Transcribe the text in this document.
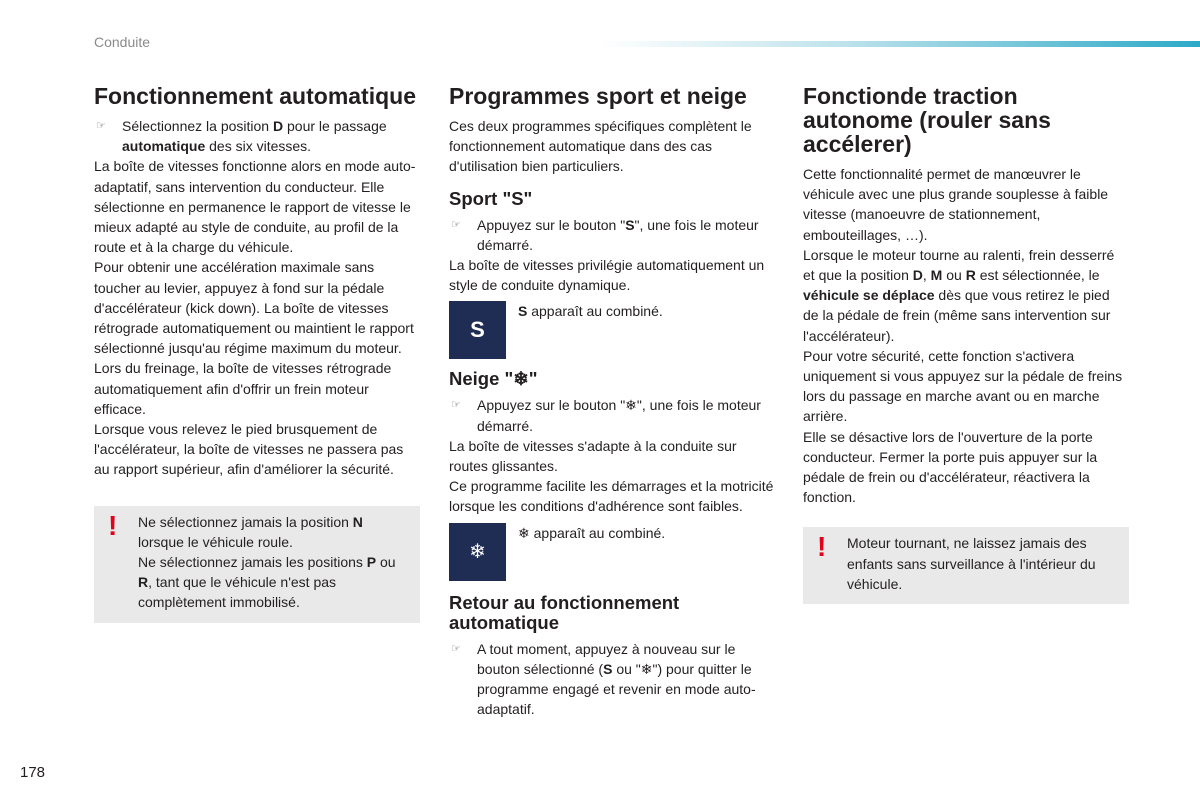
Conduite
Fonctionnement automatique
☞ Sélectionnez la position D pour le passage automatique des six vitesses.

La boîte de vitesses fonctionne alors en mode auto-adaptatif, sans intervention du conducteur. Elle sélectionne en permanence le rapport de vitesse le mieux adapté au style de conduite, au profil de la route et à la charge du véhicule.

Pour obtenir une accélération maximale sans toucher au levier, appuyez à fond sur la pédale d'accélérateur (kick down). La boîte de vitesses rétrograde automatiquement ou maintient le rapport sélectionné jusqu'au régime maximum du moteur.

Lors du freinage, la boîte de vitesses rétrograde automatiquement afin d'offrir un frein moteur efficace.

Lorsque vous relevez le pied brusquement de l'accélérateur, la boîte de vitesses ne passera pas au rapport supérieur, afin d'améliorer la sécurité.

! Ne sélectionnez jamais la position N lorsque le véhicule roule.
Ne sélectionnez jamais les positions P ou R, tant que le véhicule n'est pas complètement immobilisé.
Programmes sport et neige

Ces deux programmes spécifiques complètent le fonctionnement automatique dans des cas d'utilisation bien particuliers.

Sport "S"
☞ Appuyez sur le bouton "S", une fois le moteur démarré.

La boîte de vitesses privilégie automatiquement un style de conduite dynamique.

S
S apparaît au combiné.
Neige "❄"
☞ Appuyez sur le bouton "❄", une fois le moteur démarré.

La boîte de vitesses s'adapte à la conduite sur routes glissantes.

Ce programme facilite les démarrages et la motricité lorsque les conditions d'adhérence sont faibles.

❄
❄ apparaît au combiné.
Retour au fonctionnement automatique
☞ A tout moment, appuyez à nouveau sur le bouton sélectionné (S ou "❄") pour quitter le programme engagé et revenir en mode auto-adaptatif.
Fonctionde traction autonome (rouler sans accélerer)

Cette fonctionnalité permet de manœuvrer le véhicule avec une plus grande souplesse à faible vitesse (manoeuvre de stationnement, embouteillages, …).

Lorsque le moteur tourne au ralenti, frein desserré et que la position D, M ou R est sélectionnée, le véhicule se déplace dès que vous retirez le pied de la pédale de frein (même sans intervention sur l'accélérateur).

Pour votre sécurité, cette fonction s'activera uniquement si vous appuyez sur la pédale de freins lors du passage en marche avant ou en marche arrière.

Elle se désactive lors de l'ouverture de la porte conducteur. Fermer la porte puis appuyer sur la pédale de frein ou d'accélérateur, réactivera la fonction.

! Moteur tournant, ne laissez jamais des enfants sans surveillance à l'intérieur du véhicule.
178
